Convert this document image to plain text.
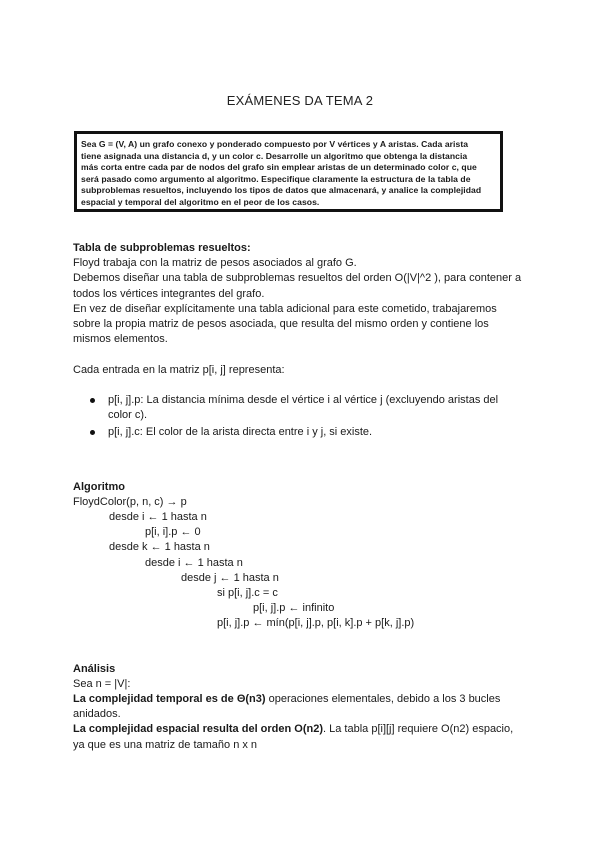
EXÁMENES DA TEMA 2
Sea G = (V, A) un grafo conexo y ponderado compuesto por V vértices y A aristas. Cada arista
tiene asignada una distancia d, y un color c. Desarrolle un algoritmo que obtenga la distancia
más corta entre cada par de nodos del grafo sin emplear aristas de un determinado color c, que
será pasado como argumento al algoritmo. Especifique claramente la estructura de la tabla de
subproblemas resueltos, incluyendo los tipos de datos que almacenará, y analice la complejidad
espacial y temporal del algoritmo en el peor de los casos.
Tabla de subproblemas resueltos:
Floyd trabaja con la matriz de pesos asociados al grafo G.
Debemos diseñar una tabla de subproblemas resueltos del orden O(|V|^2 ), para contener a
todos los vértices integrantes del grafo.
En vez de diseñar explícitamente una tabla adicional para este cometido, trabajaremos
sobre la propia matriz de pesos asociada, que resulta del mismo orden y contiene los
mismos elementos.
Cada entrada en la matriz p[i, j] representa:
p[i, j].p: La distancia mínima desde el vértice i al vértice j (excluyendo aristas del
color c).
p[i, j].c: El color de la arista directa entre i y j, si existe.
Algoritmo
FloydColor(p, n, c) → p
desde i ← 1 hasta n
p[i, i].p ← 0
desde k ← 1 hasta n
desde i ← 1 hasta n
desde j ← 1 hasta n
si p[i, j].c = c
p[i, j].p ← infinito
p[i, j].p ← mín(p[i, j].p, p[i, k].p + p[k, j].p)
Análisis
Sea n = |V|:
La complejidad temporal es de Θ(n3) operaciones elementales, debido a los 3 bucles
anidados.
La complejidad espacial resulta del orden O(n2). La tabla p[i][j] requiere O(n2) espacio,
ya que es una matriz de tamaño n x n
